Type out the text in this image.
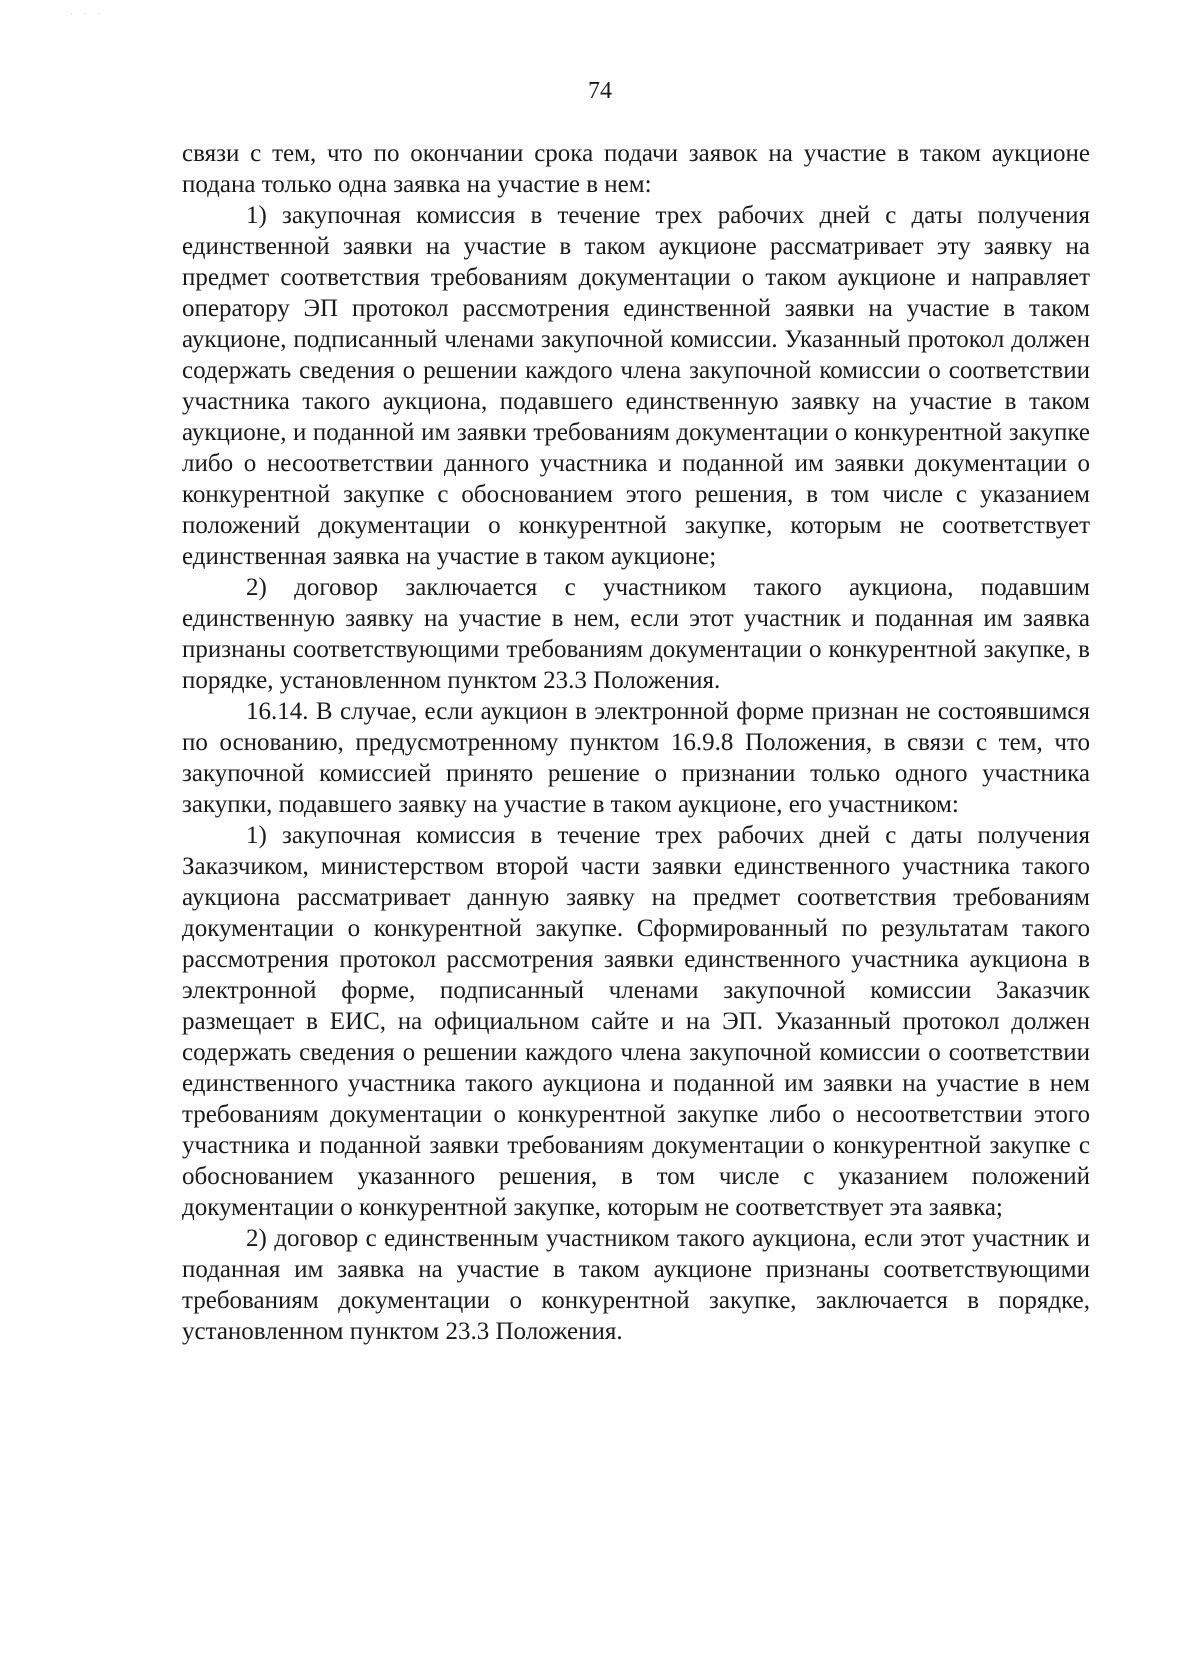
· · ·
74

связи с тем, что по окончании срока подачи заявок на участие в таком аукционе подана только одна заявка на участие в нем:

1) закупочная комиссия в течение трех рабочих дней с даты получения единственной заявки на участие в таком аукционе рассматривает эту заявку на предмет соответствия требованиям документации о таком аукционе и направляет оператору ЭП протокол рассмотрения единственной заявки на участие в таком аукционе, подписанный членами закупочной комиссии. Указанный протокол должен содержать сведения о решении каждого члена закупочной комиссии о соответствии участника такого аукциона, подавшего единственную заявку на участие в таком аукционе, и поданной им заявки требованиям документации о конкурентной закупке либо о несоответствии данного участника и поданной им заявки документации о конкурентной закупке с обоснованием этого решения, в том числе с указанием положений документации о конкурентной закупке, которым не соответствует единственная заявка на участие в таком аукционе;

2) договор заключается с участником такого аукциона, подавшим единственную заявку на участие в нем, если этот участник и поданная им заявка признаны соответствующими требованиям документации о конкурентной закупке, в порядке, установленном пунктом 23.3 Положения.

16.14. В случае, если аукцион в электронной форме признан не состоявшимся по основанию, предусмотренному пунктом 16.9.8 Положения, в связи с тем, что закупочной комиссией принято решение о признании только одного участника закупки, подавшего заявку на участие в таком аукционе, его участником:

1) закупочная комиссия в течение трех рабочих дней с даты получения Заказчиком, министерством второй части заявки единственного участника такого аукциона рассматривает данную заявку на предмет соответствия требованиям документации о конкурентной закупке. Сформированный по результатам такого рассмотрения протокол рассмотрения заявки единственного участника аукциона в электронной форме, подписанный членами закупочной комиссии Заказчик размещает в ЕИС, на официальном сайте и на ЭП. Указанный протокол должен содержать сведения о решении каждого члена закупочной комиссии о соответствии единственного участника такого аукциона и поданной им заявки на участие в нем требованиям документации о конкурентной закупке либо о несоответствии этого участника и поданной заявки требованиям документации о конкурентной закупке с обоснованием указанного решения, в том числе с указанием положений документации о конкурентной закупке, которым не соответствует эта заявка;

2) договор с единственным участником такого аукциона, если этот участник и поданная им заявка на участие в таком аукционе признаны соответствующими требованиям документации о конкурентной закупке, заключается в порядке, установленном пунктом 23.3 Положения.
